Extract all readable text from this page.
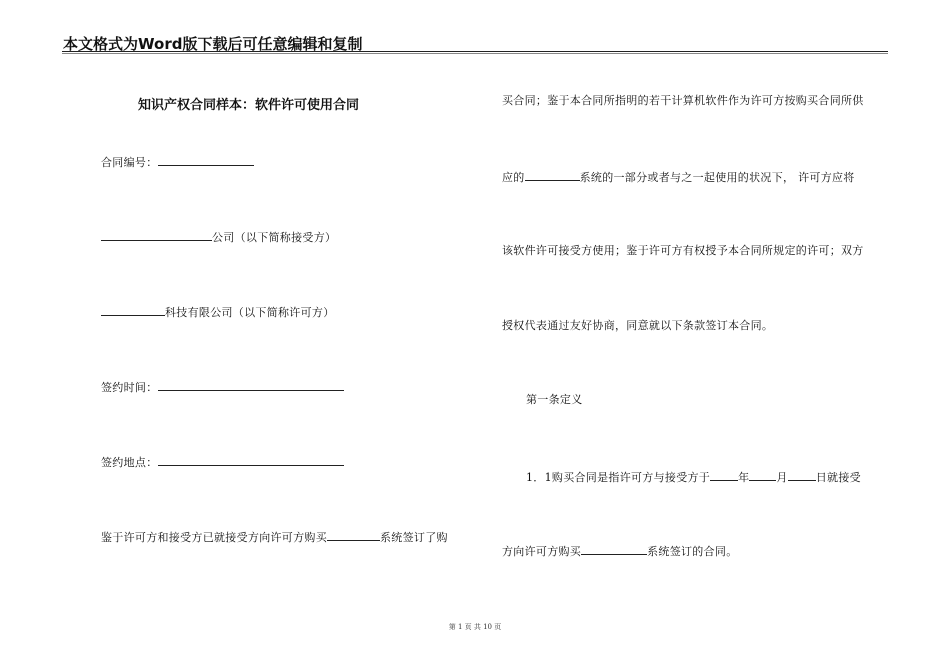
本文格式为Word版下载后可任意编辑和复制
知识产权合同样本：软件许可使用合同
合同编号：
公司（以下简称接受方）
科技有限公司（以下简称许可方）
签约时间：
签约地点：
鉴于许可方和接受方已就接受方向许可方购买	系统签订了购
买合同；鉴于本合同所指明的若干计算机软件作为许可方按购买合同所供
应的	系统的一部分或者与之一起使用的状况下， 许可方应将
该软件许可接受方使用；鉴于许可方有权授予本合同所规定的许可；双方
授权代表通过友好协商，同意就以下条款签订本合同。
第一条定义
1．1购买合同是指许可方与接受方于	年 月	日就接受
方向许可方购买	系统签订的合同。
第 1 页 共 10 页
